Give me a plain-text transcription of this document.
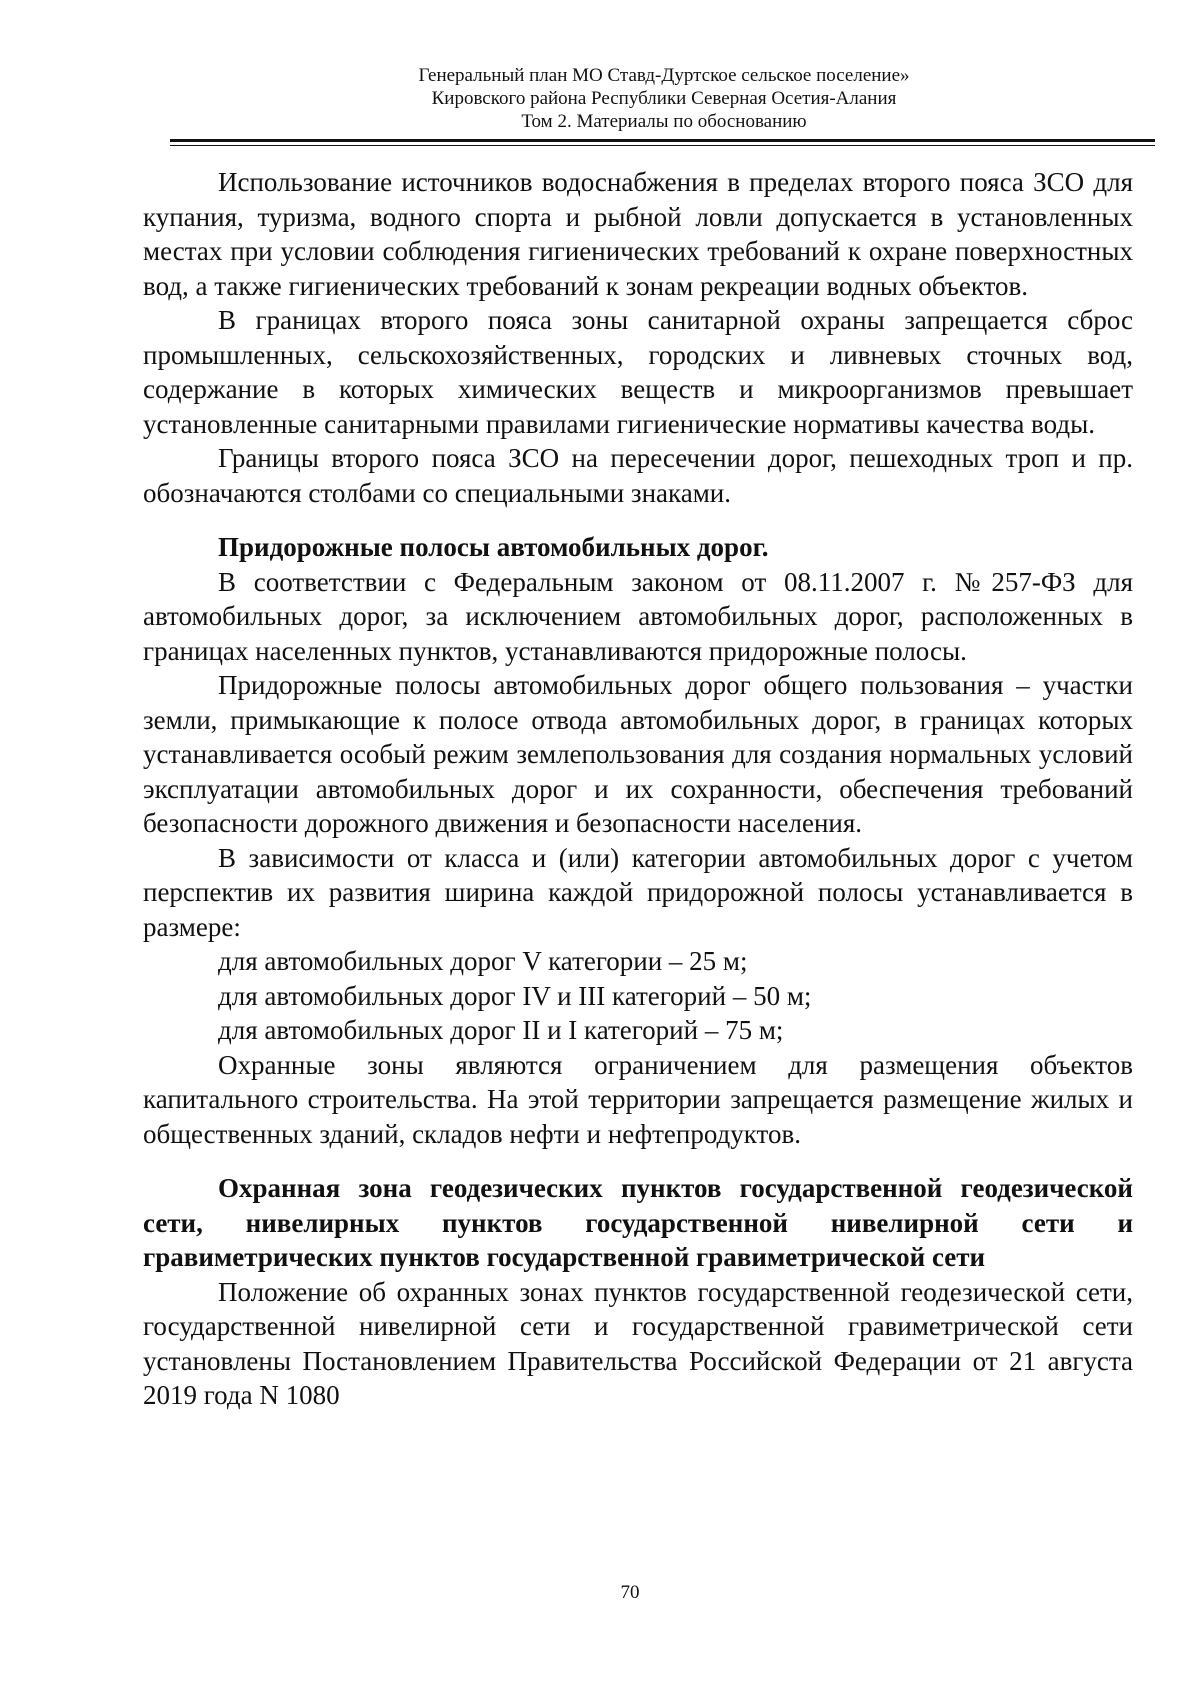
Генеральный план МО Ставд-Дуртское сельское поселение»
Кировского района Республики Северная Осетия-Алания
Том 2. Материалы по обоснованию

Использование источников водоснабжения в пределах второго пояса ЗСО для купания, туризма, водного спорта и рыбной ловли допускается в установленных местах при условии соблюдения гигиенических требований к охране поверхностных вод, а также гигиенических требований к зонам рекреации водных объектов.

В границах второго пояса зоны санитарной охраны запрещается сброс промышленных, сельскохозяйственных, городских и ливневых сточных вод, содержание в которых химических веществ и микроорганизмов превышает установленные санитарными правилами гигиенические нормативы качества воды.

Границы второго пояса ЗСО на пересечении дорог, пешеходных троп и пр. обозначаются столбами со специальными знаками.

Придорожные полосы автомобильных дорог.

В соответствии с Федеральным законом от 08.11.2007 г. №257-ФЗ для автомобильных дорог, за исключением автомобильных дорог, расположенных в границах населенных пунктов, устанавливаются придорожные полосы.

Придорожные полосы автомобильных дорог общего пользования – участки земли, примыкающие к полосе отвода автомобильных дорог, в границах которых устанавливается особый режим землепользования для создания нормальных условий эксплуатации автомобильных дорог и их сохранности, обеспечения требований безопасности дорожного движения и безопасности населения.

В зависимости от класса и (или) категории автомобильных дорог с учетом перспектив их развития ширина каждой придорожной полосы устанавливается в размере:

для автомобильных дорог V категории – 25 м;

для автомобильных дорог IV и III категорий – 50 м;

для автомобильных дорог II и I категорий – 75 м;

Охранные зоны являются ограничением для размещения объектов капитального строительства. На этой территории запрещается размещение жилых и общественных зданий, складов нефти и нефтепродуктов.

Охранная зона геодезических пунктов государственной геодезической сети, нивелирных пунктов государственной нивелирной сети и гравиметрических пунктов государственной гравиметрической сети

Положение об охранных зонах пунктов государственной геодезической сети, государственной нивелирной сети и государственной гравиметрической сети установлены Постановлением Правительства Российской Федерации от 21 августа 2019 года N 1080

70
